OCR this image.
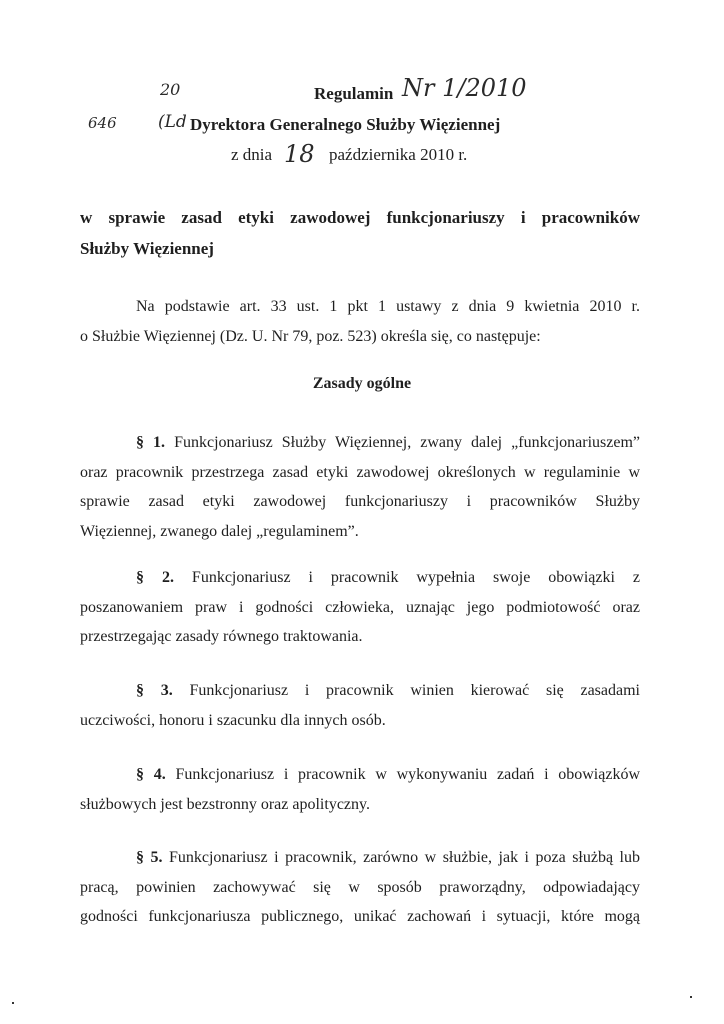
20
646 (Ld
Nr 1/2010
18
Regulamin
Dyrektora Generalnego Służby Więziennej
z dnia	października 2010 r.
w sprawie zasad etyki zawodowej funkcjonariuszy i pracowników
Służby Więziennej
Na podstawie art. 33 ust. 1 pkt 1 ustawy z dnia 9 kwietnia 2010 r.
o Służbie Więziennej (Dz. U. Nr 79, poz. 523) określa się, co następuje:
Zasady ogólne
§ 1. Funkcjonariusz Służby Więziennej, zwany dalej „funkcjonariuszem”
oraz pracownik przestrzega zasad etyki zawodowej określonych w regulaminie w
sprawie zasad etyki zawodowej funkcjonariuszy i pracowników Służby
Więziennej, zwanego dalej „regulaminem”.
§ 2. Funkcjonariusz i pracownik wypełnia swoje obowiązki z
poszanowaniem praw i godności człowieka, uznając jego podmiotowość oraz
przestrzegając zasady równego traktowania.
§ 3. Funkcjonariusz i pracownik winien kierować się zasadami
uczciwości, honoru i szacunku dla innych osób.
§ 4. Funkcjonariusz i pracownik w wykonywaniu zadań i obowiązków
służbowych jest bezstronny oraz apolityczny.
§ 5. Funkcjonariusz i pracownik, zarówno w służbie, jak i poza służbą lub
pracą, powinien zachowywać się w sposób praworządny, odpowiadający
godności funkcjonariusza publicznego, unikać zachowań i sytuacji, które mogą
